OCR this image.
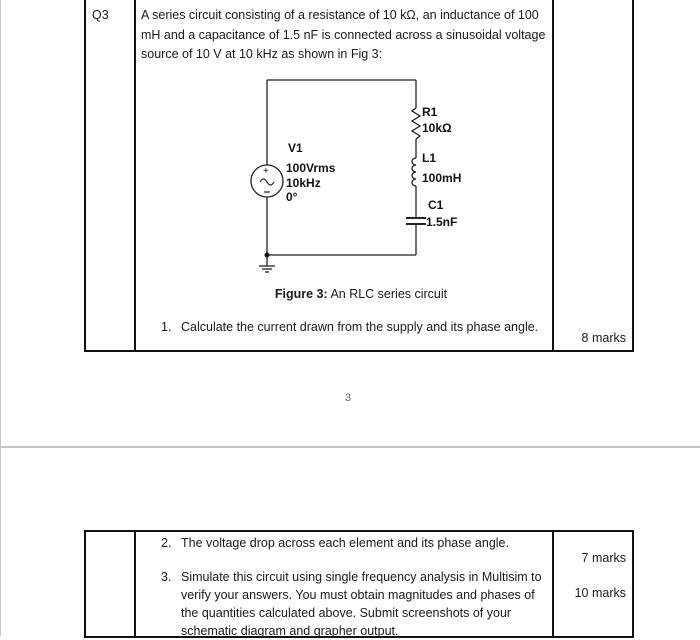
Q3	A series circuit consisting of a resistance of 10 kΩ, an inductance of 100 mH and a capacitance of 1.5 nF is connected across a sinusoidal voltage source of 10 V at 10 kHz as shown in Fig 3:
+
V1
100Vrms
10kHz
0°
R1
10kΩ
L1
100mH
C1
1.5nF
Figure 3: An RLC series circuit
1. Calculate the current drawn from the supply and its phase angle.
8 marks
3
2. The voltage drop across each element and its phase angle.
7 marks
3. Simulate this circuit using single frequency analysis in Multisim to
verify your answers. You must obtain magnitudes and phases of
the quantities calculated above. Submit screenshots of your
schematic diagram and grapher output.
10 marks
